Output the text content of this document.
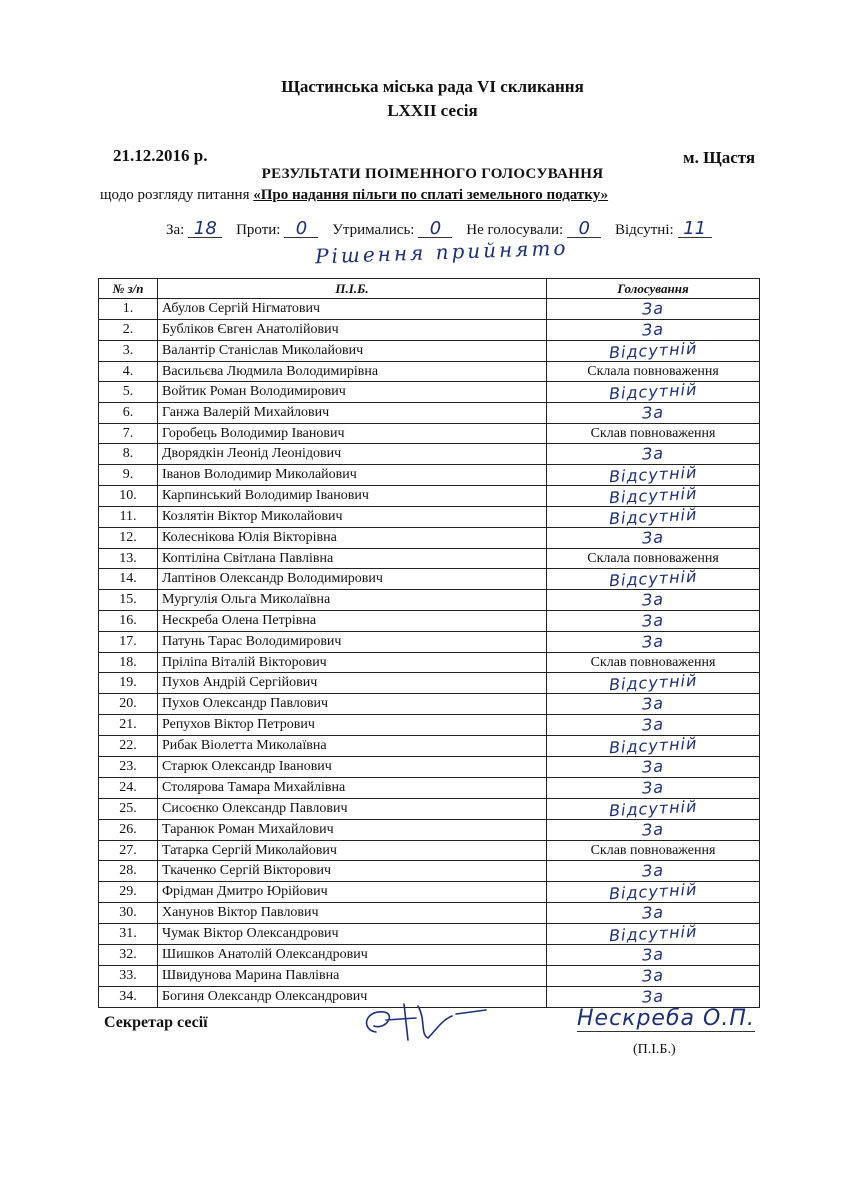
Щастинська міська рада VI скликання
LXXII сесія
21.12.2016 р.	м. Щастя
РЕЗУЛЬТАТИ ПОІМЕННОГО ГОЛОСУВАННЯ
щодо розгляду питання «Про надання пільги по сплаті земельного податку»
За: 18 Проти: 0 Утримались: 0 Не голосували: 0 Відсутні: 11
Рішення прийнято
№ з/п	П.І.Б.	Голосування
1.	Абулов Сергій Нігматович	За
2.	Бубліков Євген Анатолійович	За
3.	Валантір Станіслав Миколайович	Відсутній
4.	Васильєва Людмила Володимирівна	Склала повноваження
5.	Войтик Роман Володимирович	Відсутній
6.	Ганжа Валерій Михайлович	За
7.	Горобець Володимир Іванович	Склав повноваження
8.	Дворядкін Леонід Леонідович	За
9.	Іванов Володимир Миколайович	Відсутній
10.	Карпинський Володимир Іванович	Відсутній
11.	Козлятін Віктор Миколайович	Відсутній
12.	Колеснікова Юлія Вікторівна	За
13.	Коптіліна Світлана Павлівна	Склала повноваження
14.	Лаптінов Олександр Володимирович	Відсутній
15.	Мургулія Ольга Миколаївна	За
16.	Нескреба Олена Петрівна	За
17.	Патунь Тарас Володимирович	За
18.	Пріліпа Віталій Вікторович	Склав повноваження
19.	Пухов Андрій Сергійович	Відсутній
20.	Пухов Олександр Павлович	За
21.	Репухов Віктор Петрович	За
22.	Рибак Віолетта Миколаївна	Відсутній
23.	Старюк Олександр Іванович	За
24.	Столярова Тамара Михайлівна	За
25.	Сисоєнко Олександр Павлович	Відсутній
26.	Таранюк Роман Михайлович	За
27.	Татарка Сергій Миколайович	Склав повноваження
28.	Ткаченко Сергій Вікторович	За
29.	Фрідман Дмитро Юрійович	Відсутній
30.	Ханунов Віктор Павлович	За
31.	Чумак Віктор Олександрович	Відсутній
32.	Шишков Анатолій Олександрович	За
33.	Швидунова Марина Павлівна	За
34.	Богиня Олександр Олександрович	За
Секретар сесії	Нескреба О.П.
(П.І.Б.)
